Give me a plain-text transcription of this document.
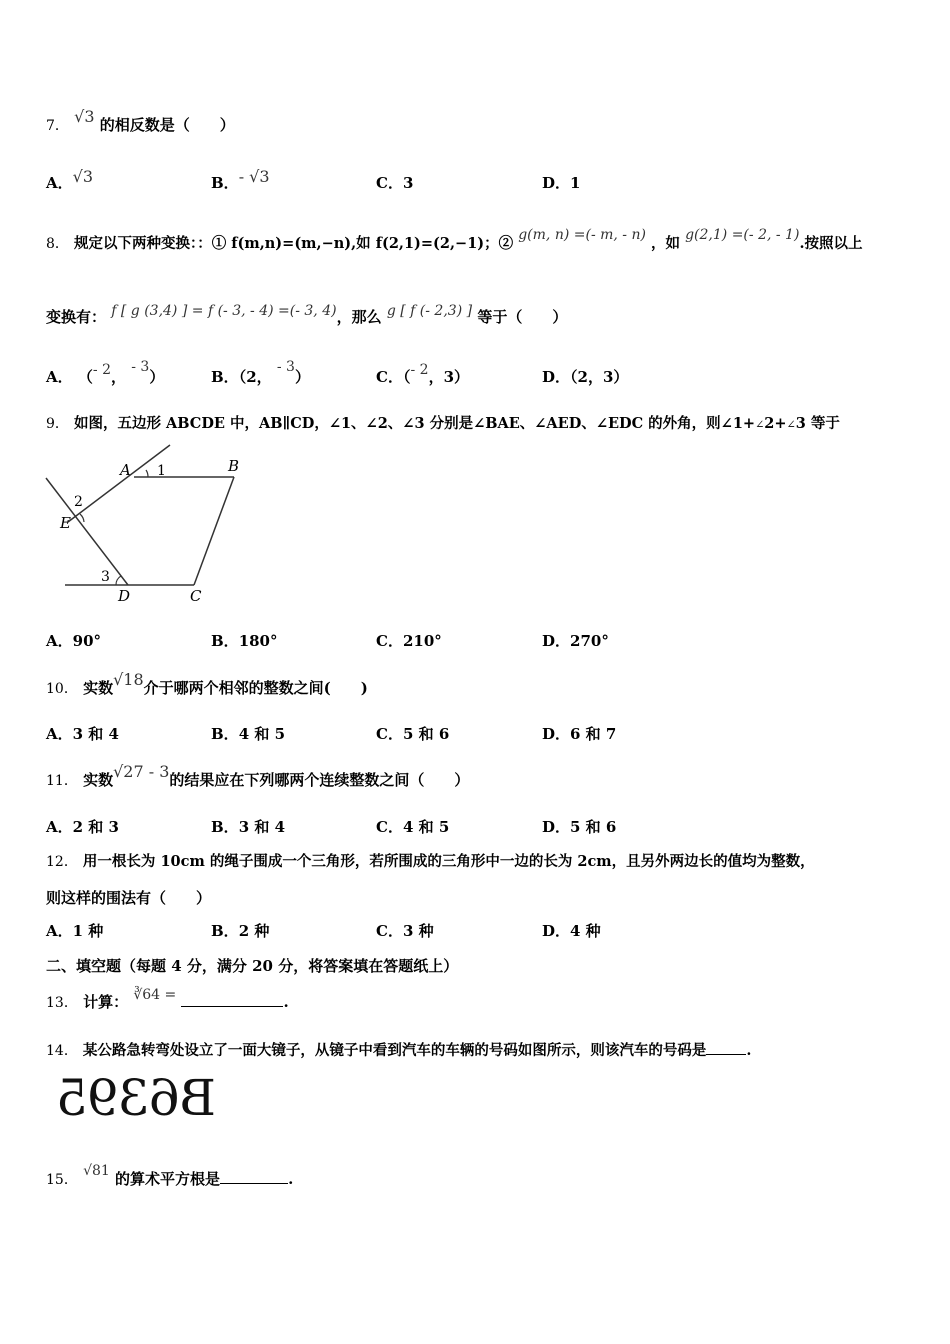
7． √3 的相反数是（　　）
A．√3	B．- √3	C．3	D．1
8． 规定以下两种变换：：① f(m,n)=(m,−n),如 f(2,1)=(2,−1)；② g(m, n) =(- m, - n) ，如 g(2,1) =(- 2, - 1).按照以上
变换有： f [ g (3,4) ] = f (- 3, - 4) =(- 3, 4)，那么 g [ f (- 2,3) ] 等于（　　）
A． （- 2， - 3）	B．（2， - 3）	C．（- 2，3）	D．（2，3）
9． 如图，五边形 ABCDE 中，AB∥CD，∠1、∠2、∠3 分别是∠BAE、∠AED、∠EDC 的外角，则∠1+∠2+∠3 等于
A	B
C
D
E
1
2
3
A．90°	B．180°	C．210°	D．270°
10． 实数√18介于哪两个相邻的整数之间(　　)
A．3 和 4	B．4 和 5	C．5 和 6	D．6 和 7
11． 实数√27 - 3的结果应在下列哪两个连续整数之间（　　）
A．2 和 3	B．3 和 4	C．4 和 5	D．5 和 6
12． 用一根长为 10cm 的绳子围成一个三角形，若所围成的三角形中一边的长为 2cm，且另外两边长的值均为整数，
则这样的围法有（　　）
A．1 种	B．2 种	C．3 种	D．4 种
二、填空题（每题 4 分，满分 20 分，将答案填在答题纸上）
13． 计算： ∛64 =	.
14． 某公路急转弯处设立了一面大镜子，从镜子中看到汽车的车辆的号码如图所示，则该汽车的号码是	.
B6395
15． √81 的算术平方根是	.
